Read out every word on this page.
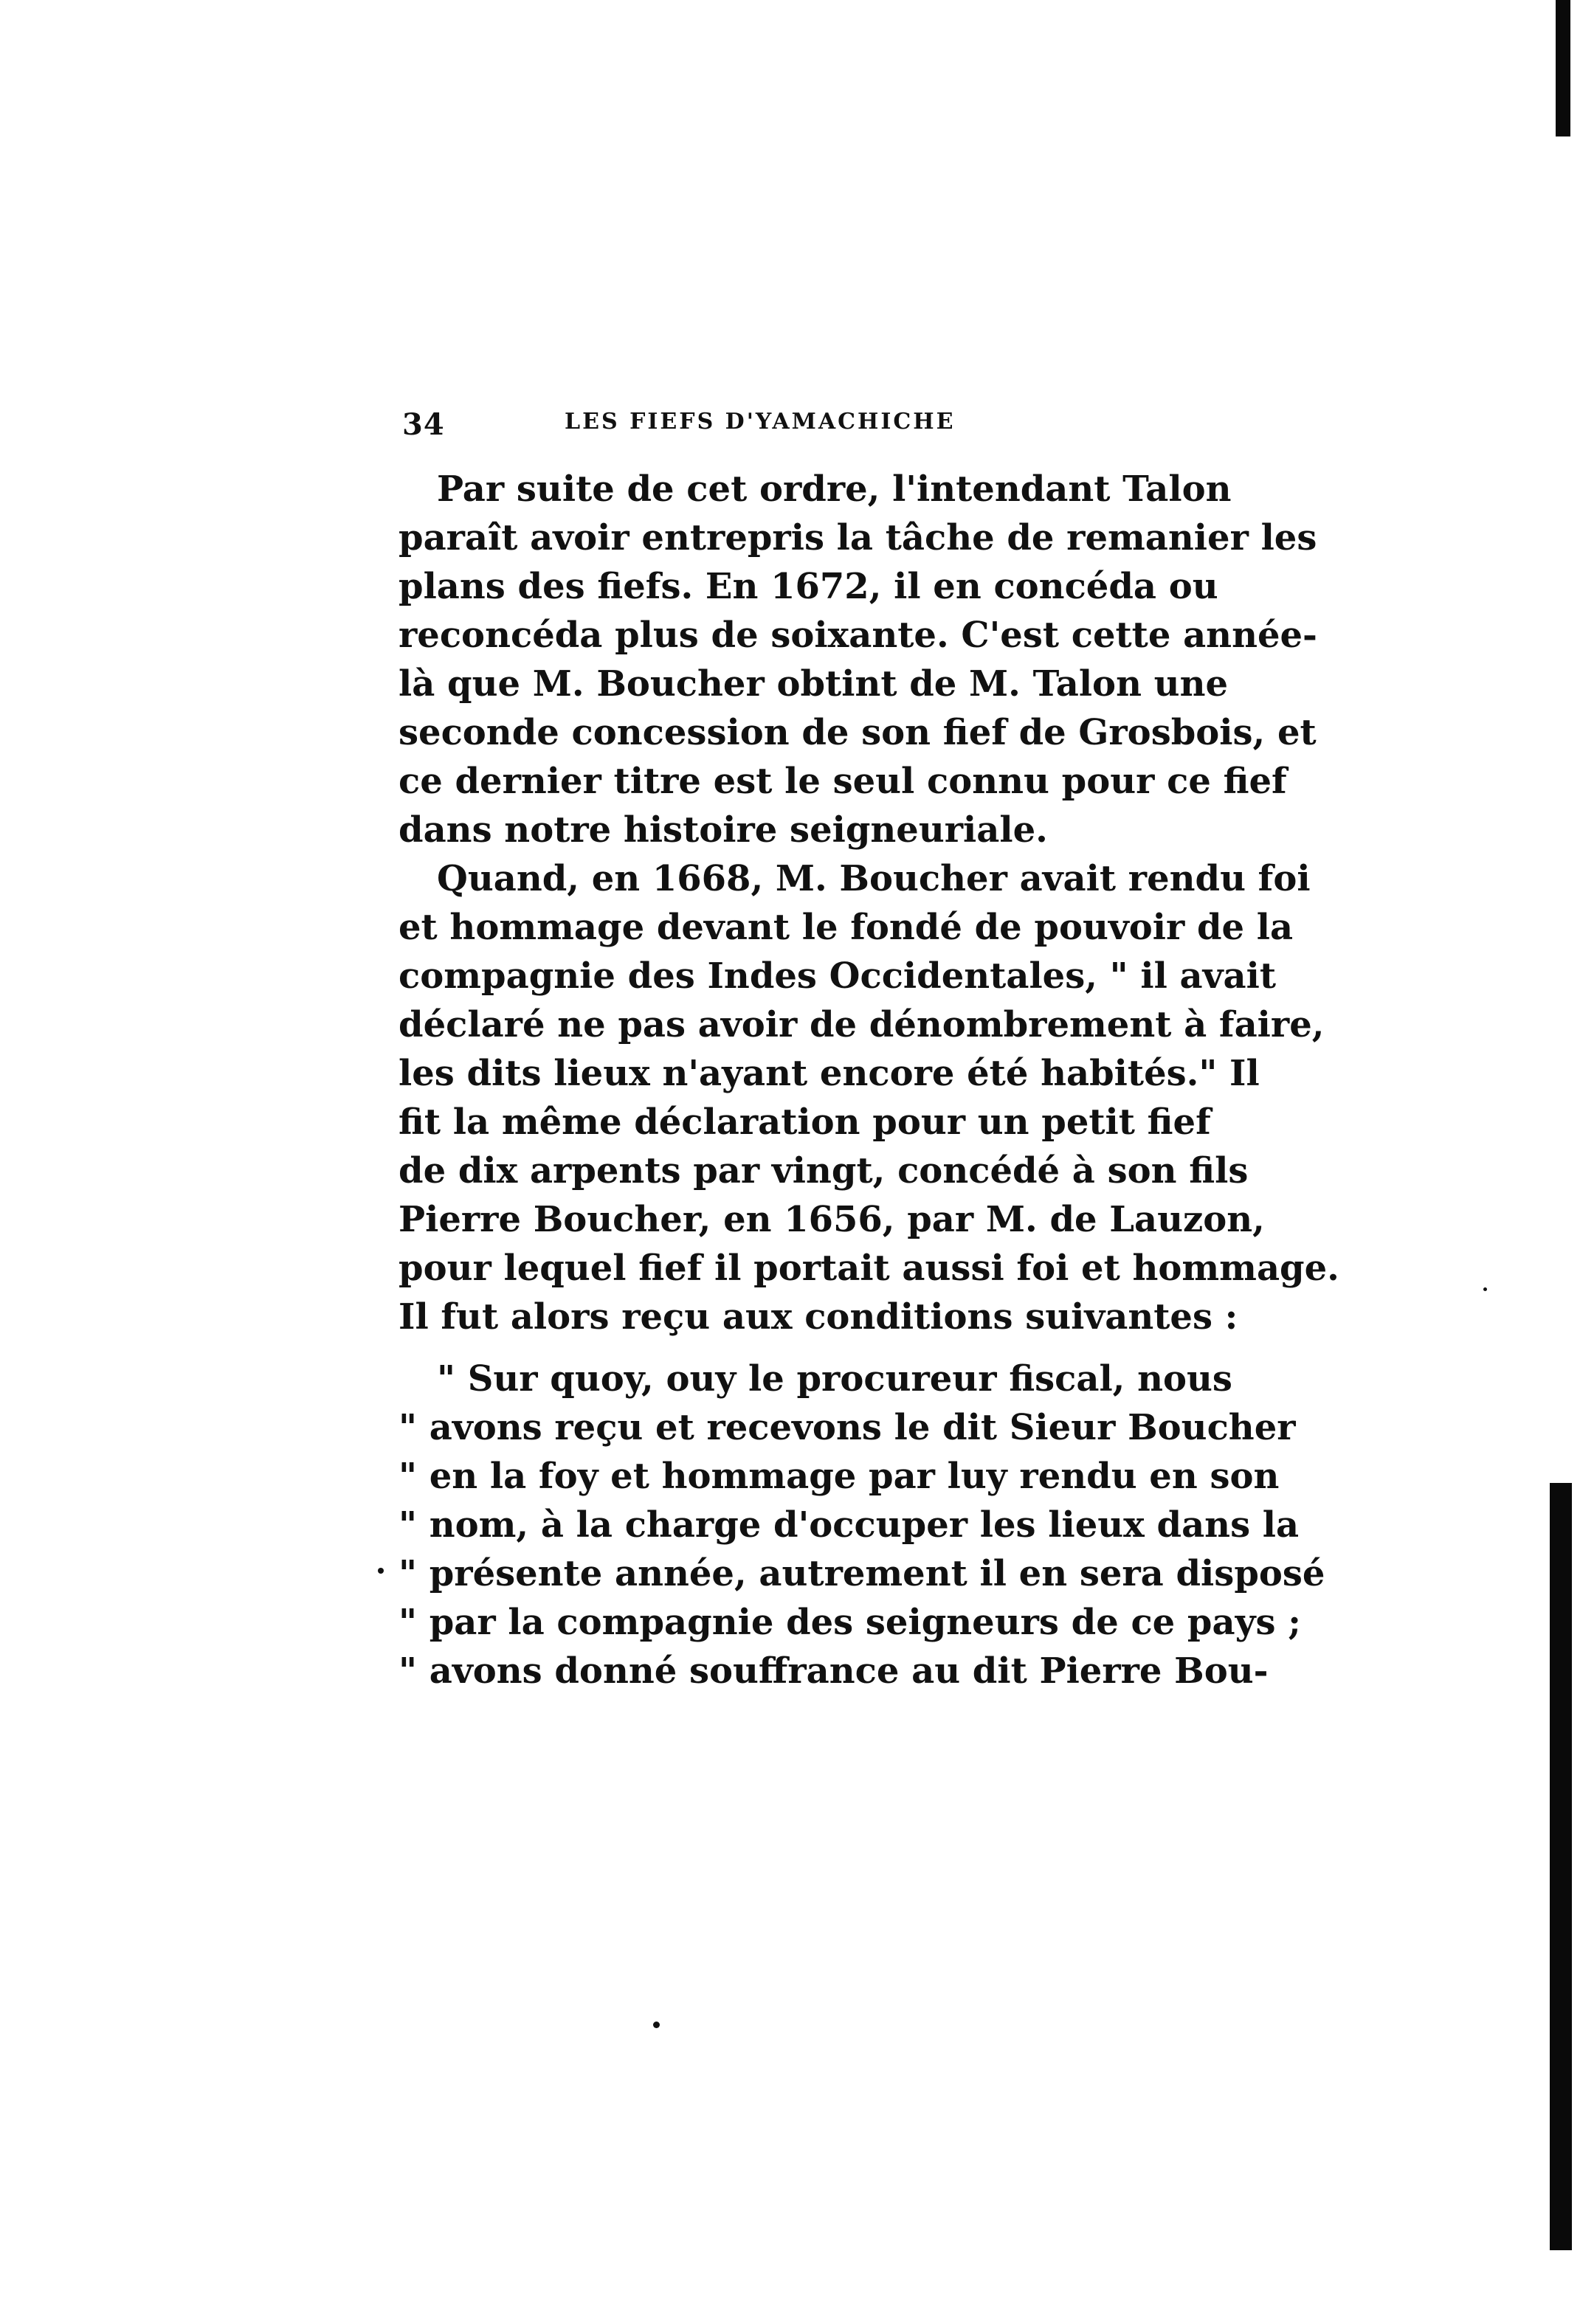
34	LES FIEFS D'YAMACHICHE
Par suite de cet ordre, l'intendant Talon
paraît avoir entrepris la tâche de remanier les
plans des fiefs. En 1672, il en concéda ou
reconcéda plus de soixante. C'est cette année-
là que M. Boucher obtint de M. Talon une
seconde concession de son fief de Grosbois, et
ce dernier titre est le seul connu pour ce fief
dans notre histoire seigneuriale.
Quand, en 1668, M. Boucher avait rendu foi
et hommage devant le fondé de pouvoir de la
compagnie des Indes Occidentales, " il avait
déclaré ne pas avoir de dénombrement à faire,
les dits lieux n'ayant encore été habités." Il
fit la même déclaration pour un petit fief
de dix arpents par vingt, concédé à son fils
Pierre Boucher, en 1656, par M. de Lauzon,
pour lequel fief il portait aussi foi et hommage.
Il fut alors reçu aux conditions suivantes :
" Sur quoy, ouy le procureur fiscal, nous
" avons reçu et recevons le dit Sieur Boucher
" en la foy et hommage par luy rendu en son
" nom, à la charge d'occuper les lieux dans la
" présente année, autrement il en sera disposé
" par la compagnie des seigneurs de ce pays ;
" avons donné souffrance au dit Pierre Bou-
